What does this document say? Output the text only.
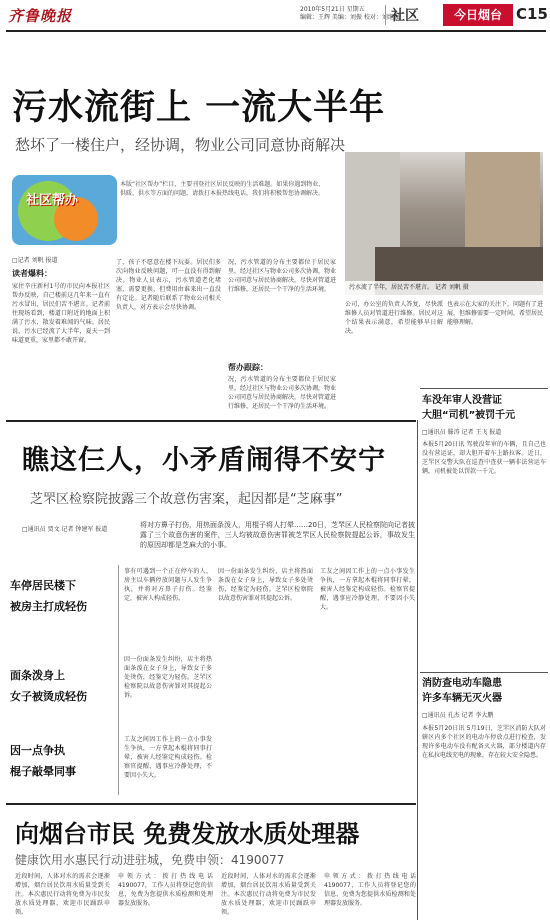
齐鲁晚报	2010年5月21日 星期五
编辑：王辉 美编：刘振 校对：刘继强
社区	今日烟台 C15
污水流街上 一流大半年
愁坏了一楼住户，经协调，物业公司同意协商解决
社区帮办
本版“社区帮办”栏目，主要刊登社区居民反映的生活难题。如果你遇到物业、供暖、供水等方面的问题，请拨打本报热线电话，我们将积极帮您协调解决。
污水流了半年，居民苦不堪言。 记者 刘帆 摄
□记者 刘帆 报道
读者爆料：
家住辛庄新村1号的市民向本报社区帮办反映，自己楼前这几年来一直有污水冒出，居民们苦不堪言。记者前往现场看到，楼道口附近的地面上积满了污水，散发着难闻的气味。居民说，污水已经流了大半年，夏天一到味道更重，家里都不敢开窗。
了，孩子不愿意在楼下玩耍。居民们多次向物业反映问题，可一直没有得到解决。物业人员表示，污水管道老化堵塞，需要更换，但费用由谁来出一直没有定论。记者随后联系了物业公司相关负责人，对方表示会尽快协调。
况，污水管道的分布主要都位于居民家里，经过社区与物业公司多次协调，物业公司同意与居民协商解决，尽快对管道进行维修，还居民一个干净的生活环境。
帮办跟踪：
况，污水管道的分布主要都位于居民家里，经过社区与物业公司多次协调，物业公司同意与居民协商解决，尽快对管道进行维修，还居民一个干净的生活环境。
公司，办公室的负责人答复，尽快派维修人员对管道进行维修。居民对这个结果表示满意，希望能够早日解决。
也表示在大家的关注下，问题有了进展，但维修需要一定时间，希望居民能够理解。
瞧这仨人，小矛盾闹得不安宁
芝罘区检察院披露三个故意伤害案，起因都是“芝麻事”
□通讯员 贾文 记者 钟建军 报道
将对方鼻子打伤，用热面条泼人，用棍子将人打晕……20日，芝罘区人民检察院向记者披露了三个故意伤害的案件，三人均被故意伤害罪被芝罘区人民检察院提起公诉，事故发生的原因却都是芝麻大的小事。
车停居民楼下
被房主打成轻伤
面条泼身上
女子被烫成轻伤
因一点争执
棍子敲晕同事
事有可遇到一个正在停车的人，房主以车辆停放问题与人发生争执，并将对方鼻子打伤。经鉴定，被害人构成轻伤。
因一份面条发生纠纷，店主将热面条泼在女子身上，导致女子多处烫伤，经鉴定为轻伤。芝罘区检察院以故意伤害罪对其提起公诉。
工友之间因工作上的一点小事发生争执，一方拿起木棍将同事打晕，被害人经鉴定构成轻伤。检察官提醒，遇事应冷静处理，不要因小失大。
因一份面条发生纠纷，店主将热面条泼在女子身上，导致女子多处烫伤，经鉴定为轻伤。芝罘区检察院以故意伤害罪对其提起公诉。
工友之间因工作上的一点小事发生争执，一方拿起木棍将同事打晕，被害人经鉴定构成轻伤。检察官提醒，遇事应冷静处理，不要因小失大。
向烟台市民 免费发放水质处理器
健康饮用水惠民行动进驻城，免费申领：4190077
近段时间，人体对水的需求会逐渐增加，烟台居民饮用水质量受到关注。本次惠民行动将免费为市民发放水质处理器，欢迎市民踊跃申领。
申领方式：拨打热线电话4190077，工作人员将登记您的信息，免费为您提供水质检测和处理器发放服务。
近段时间，人体对水的需求会逐渐增加，烟台居民饮用水质量受到关注。本次惠民行动将免费为市民发放水质处理器，欢迎市民踊跃申领。
申领方式：拨打热线电话4190077，工作人员将登记您的信息，免费为您提供水质检测和处理器发放服务。
车没年审人没营证
大胆“司机”被罚千元
□通讯员 滕涛 记者 王飞 报道
本报5月20日讯 驾驶没年审的车辆，且自己也没有营运证，却大胆开着车上路拉客。近日，芝罘区交警大队在巡查中查获一辆非法营运车辆，司机被处以罚款一千元。
消防查电动车隐患
许多车辆无灭火器
□通讯员 孔杰 记者 李大鹏
本报5月20日讯 5月19日，芝罘区消防大队对辖区内多个社区的电动车停放点进行检查，发现许多电动车没有配备灭火器，部分楼道内存在私拉电线充电的现象，存在较大安全隐患。
